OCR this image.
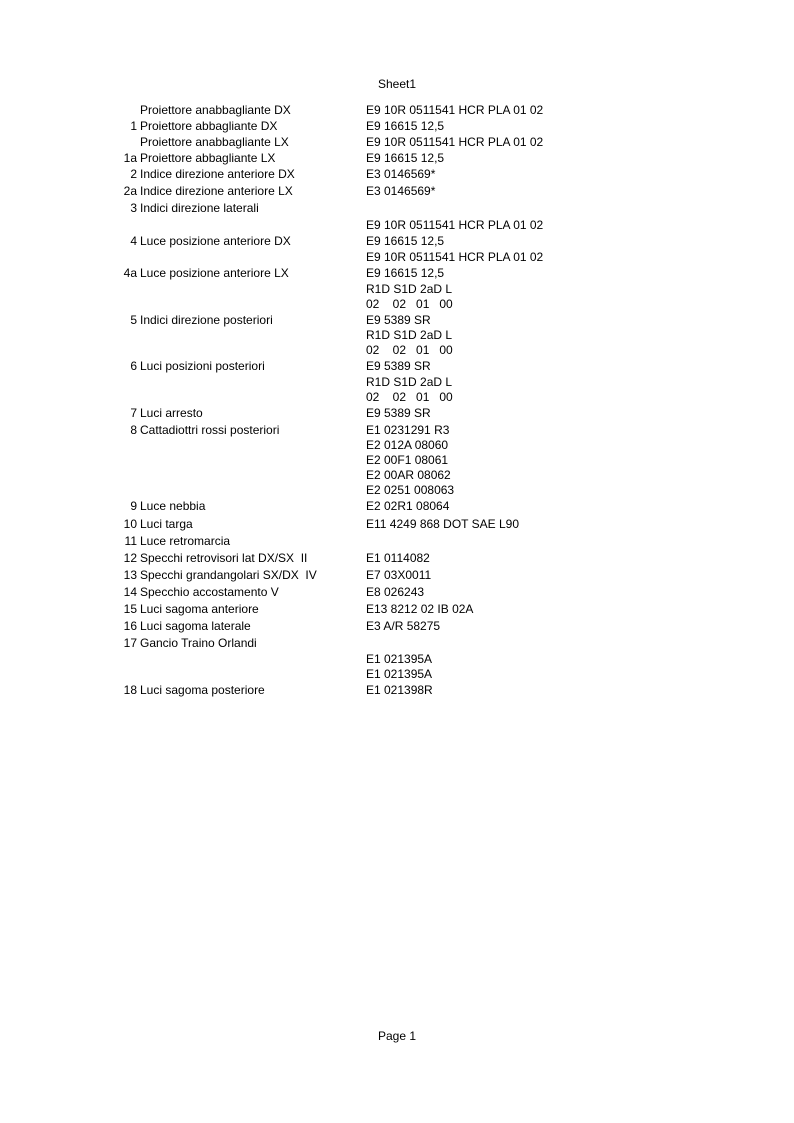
Sheet1
Proiettore anabbagliante DX	E9 10R 0511541 HCR PLA 01 02
1 Proiettore abbagliante DX	E9 16615 12,5
Proiettore anabbagliante LX	E9 10R 0511541 HCR PLA 01 02
1a Proiettore abbagliante LX	E9 16615 12,5
2 Indice direzione anteriore DX	E3 0146569*
2a Indice direzione anteriore LX	E3 0146569*
3 Indici direzione laterali
E9 10R 0511541 HCR PLA 01 02
4 Luce posizione anteriore DX	E9 16615 12,5
E9 10R 0511541 HCR PLA 01 02
4a Luce posizione anteriore LX	E9 16615 12,5
R1D S1D 2aD L
02    02   01   00
5 Indici direzione posteriori	E9 5389 SR
R1D S1D 2aD L
02    02   01   00
6 Luci posizioni posteriori	E9 5389 SR
R1D S1D 2aD L
02    02   01   00
7 Luci arresto	E9 5389 SR
8 Cattadiottri rossi posteriori	E1 0231291 R3
E2 012A 08060
E2 00F1 08061
E2 00AR 08062
E2 0251 008063
9 Luce nebbia	E2 02R1 08064
10 Luci targa	E11 4249 868 DOT SAE L90
11 Luce retromarcia
12 Specchi retrovisori lat DX/SX  II	E1 0114082
13 Specchi grandangolari SX/DX  IV	E7 03X0011
14 Specchio accostamento V	E8 026243
15 Luci sagoma anteriore	E13 8212 02 IB 02A
16 Luci sagoma laterale	E3 A/R 58275
17 Gancio Traino Orlandi
E1 021395A
E1 021395A
18 Luci sagoma posteriore	E1 021398R
Page 1
